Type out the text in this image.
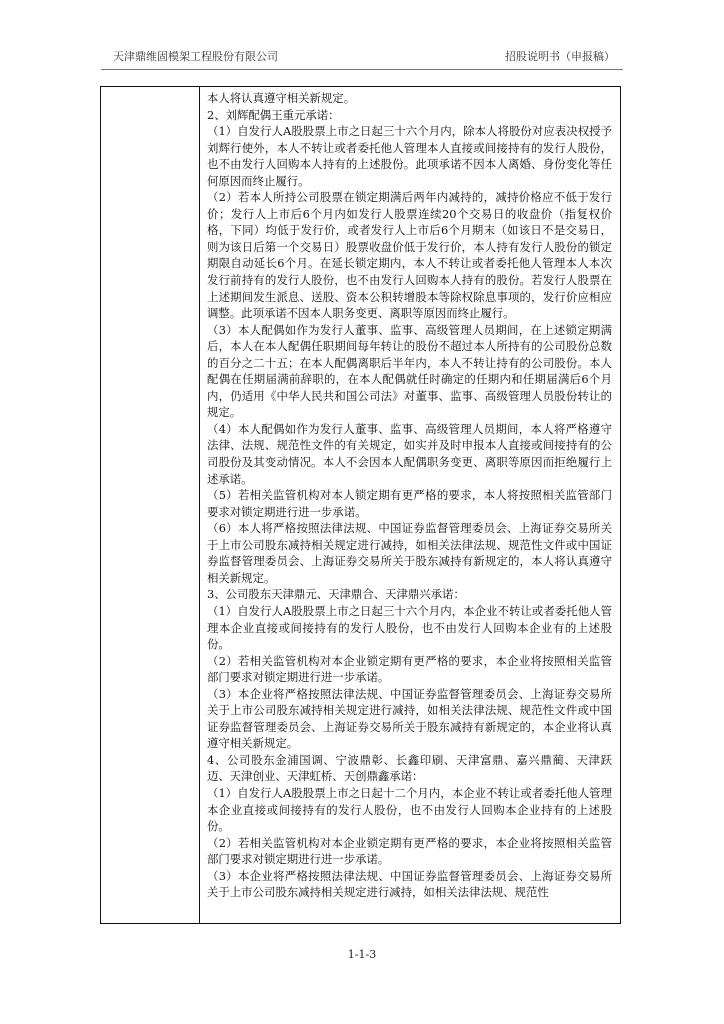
天津鼎维固模架工程股份有限公司	招股说明书（申报稿）

本人将认真遵守相关新规定。

2、刘辉配偶王重元承诺：

（1）自发行人A股股票上市之日起三十六个月内，除本人将股份对应表决权授予刘辉行使外，本人不转让或者委托他人管理本人直接或间接持有的发行人股份，也不由发行人回购本人持有的上述股份。此项承诺不因本人离婚、身份变化等任何原因而终止履行。

（2）若本人所持公司股票在锁定期满后两年内减持的，减持价格应不低于发行价；发行人上市后6个月内如发行人股票连续20个交易日的收盘价（指复权价格，下同）均低于发行价，或者发行人上市后6个月期末（如该日不是交易日，则为该日后第一个交易日）股票收盘价低于发行价，本人持有发行人股份的锁定期限自动延长6个月。在延长锁定期内，本人不转让或者委托他人管理本人本次发行前持有的发行人股份，也不由发行人回购本人持有的股份。若发行人股票在上述期间发生派息、送股、资本公积转增股本等除权除息事项的，发行价应相应调整。此项承诺不因本人职务变更、离职等原因而终止履行。

（3）本人配偶如作为发行人董事、监事、高级管理人员期间，在上述锁定期满后，本人在本人配偶任职期间每年转让的股份不超过本人所持有的公司股份总数的百分之二十五；在本人配偶离职后半年内，本人不转让持有的公司股份。本人配偶在任期届满前辞职的，在本人配偶就任时确定的任期内和任期届满后6个月内，仍适用《中华人民共和国公司法》对董事、监事、高级管理人员股份转让的规定。

（4）本人配偶如作为发行人董事、监事、高级管理人员期间，本人将严格遵守法律、法规、规范性文件的有关规定，如实并及时申报本人直接或间接持有的公司股份及其变动情况。本人不会因本人配偶职务变更、离职等原因而拒绝履行上述承诺。

（5）若相关监管机构对本人锁定期有更严格的要求，本人将按照相关监管部门要求对锁定期进行进一步承诺。

（6）本人将严格按照法律法规、中国证券监督管理委员会、上海证券交易所关于上市公司股东减持相关规定进行减持，如相关法律法规、规范性文件或中国证券监督管理委员会、上海证券交易所关于股东减持有新规定的，本人将认真遵守相关新规定。

3、公司股东天津鼎元、天津鼎合、天津鼎兴承诺：

（1）自发行人A股股票上市之日起三十六个月内，本企业不转让或者委托他人管理本企业直接或间接持有的发行人股份，也不由发行人回购本企业有的上述股份。

（2）若相关监管机构对本企业锁定期有更严格的要求，本企业将按照相关监管部门要求对锁定期进行进一步承诺。

（3）本企业将严格按照法律法规、中国证券监督管理委员会、上海证券交易所关于上市公司股东减持相关规定进行减持，如相关法律法规、规范性文件或中国证券监督管理委员会、上海证券交易所关于股东减持有新规定的，本企业将认真遵守相关新规定。

4、公司股东金浦国调、宁波鼎彰、长鑫印刷、天津富鼎、嘉兴鼎蔺、天津跃迈、天津创业、天津虹桥、天创鼎鑫承诺：

（1）自发行人A股股票上市之日起十二个月内，本企业不转让或者委托他人管理本企业直接或间接持有的发行人股份，也不由发行人回购本企业持有的上述股份。

（2）若相关监管机构对本企业锁定期有更严格的要求，本企业将按照相关监管部门要求对锁定期进行进一步承诺。

（3）本企业将严格按照法律法规、中国证券监督管理委员会、上海证券交易所关于上市公司股东减持相关规定进行减持，如相关法律法规、规范性

1-1-3
